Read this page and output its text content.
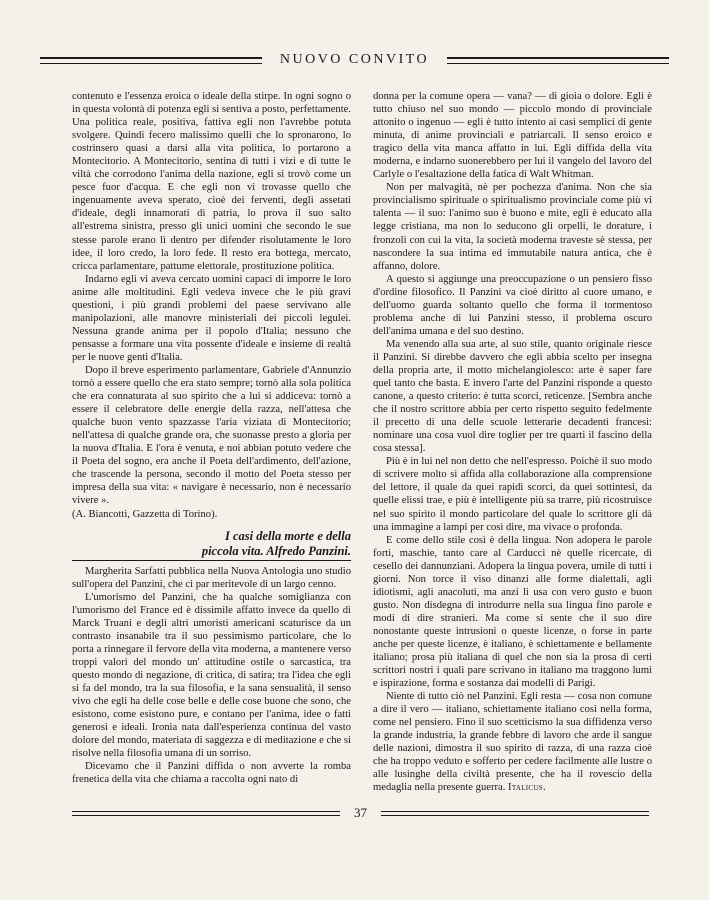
NUOVO CONVITO

contenuto e l'essenza eroica o ideale della stirpe. In ogni sogno o in questa volontà di potenza egli si sentiva a posto, perfettamente. Una politica reale, positiva, fattiva egli non l'avrebbe potuta svolgere. Quindi fecero malissimo quelli che lo spronarono, lo costrinsero quasi a darsi alla vita politica, lo portarono a Montecitorio. A Montecitorio, sentina di tutti i vizi e di tutte le viltà che corrodono l'anima della nazione, egli si trovò come un pesce fuor d'acqua. E che egli non vi trovasse quello che ingenuamente aveva sperato, cioè dei ferventi, degli assetati d'ideale, degli innamorati di patria, lo prova il suo salto all'estrema sinistra, presso gli unici uomini che secondo le sue stesse parole erano lì dentro per difender risolutamente le loro idee, il loro credo, la loro fede. Il resto era bottega, mercato, cricca parlamentare, pattume elettorale, prostituzione politica.

Indarno egli vi aveva cercato uomini capaci di imporre le loro anime alle moltitudini. Egli vedeva invece che le più gravi questioni, i più grandi problemi del paese servivano alle manipolazioni, alle manovre ministeriali dei piccoli leguleì. Nessuna grande anima per il popolo d'Italia; nessuno che pensasse a formare una vita possente d'ideale e insieme di realtà per le nuove genti d'Italia.

Dopo il breve esperimento parlamentare, Gabriele d'Annunzio tornò a essere quello che era stato sempre; tornò alla sola politica che era connaturata al suo spirito che a lui si addiceva: tornò a essere il celebratore delle energie della razza, nell'attesa che qualche buon vento spazzasse l'aria viziata di Montecitorio; nell'attesa di qualche grande ora, che suonasse presto a gloria per la nuova d'Italia. E l'ora è venuta, e noi abbian potuto vedere che il Poeta del sogno, era anche il Poeta dell'ardimento, dell'azione, che trascende la persona, secondo il motto del Poeta stesso per impresa della sua vita: « navigare è necessario, non è necessario vivere ».

(A. Biancotti, Gazzetta di Torino).

I casi della morte e della
piccola vita. Alfredo Panzini.

Margherita Sarfatti pubblica nella Nuova Antologia uno studio sull'opera del Panzini, che ci par meritevole di un largo cenno.

L'umorismo del Panzini, che ha qualche somiglianza con l'umorismo del France ed è dissimile affatto invece da quello di Marck Truani e degli altri umoristi americani scaturisce da un contrasto insanabile tra il suo pessimismo particolare, che lo porta a rinnegare il fervore della vita moderna, a mantenere verso troppi valori del mondo un' attitudine ostile o sarcastica, tra questo mondo di negazione, di critica, di satira; tra l'idea che egli si fa del mondo, tra la sua filosofia, e la sana sensualità, il senso vivo che egli ha delle cose belle e delle cose buone che sono, che esistono, come esistono pure, e contano per l'anima, idee o fatti generosi e ideali. Ironia nata dall'esperienza continua del vasto dolore del mondo, materiata di saggezza e di meditazione e che si risolve nella filosofia umana di un sorriso.

Dicevamo che il Panzini diffida o non avverte la romba frenetica della vita che chiama a raccolta ogni nato di

donna per la comune opera — vana? — di gioia o dolore. Egli è tutto chiuso nel suo mondo — piccolo mondo di provinciale attonito o ingenuo — egli è tutto intento ai casi semplici di gente minuta, di anime provinciali e patriarcali. Il senso eroico e tragico della vita manca affatto in lui. Egli diffida della vita moderna, e indarno suonerebbero per lui il vangelo del lavoro del Carlyle o l'esaltazione della fatica di Walt Whitman.

Non per malvagità, nè per pochezza d'anima. Non che sia provincialismo spirituale o spiritualismo provinciale come più vi talenta — il suo: l'animo suo è buono e mite, egli è educato alla legge cristiana, ma non lo seducono gli orpelli, le dorature, i fronzoli con cui la vita, la società moderna traveste sè stessa, per nascondere la sua intima ed immutabile natura antica, che è affanno, dolore.

A questo si aggiunge una preoccupazione o un pensiero fisso d'ordine filosofico. Il Panzini va cioè diritto al cuore umano, e dell'uomo guarda soltanto quello che forma il tormentoso problema anche di lui Panzini stesso, il problema oscuro dell'anima umana e del suo destino.

Ma venendo alla sua arte, al suo stile, quanto originale riesce il Panzini. Si direbbe davvero che egli abbia scelto per insegna della propria arte, il motto michelangiolesco: arte è saper fare quel tanto che basta. E invero l'arte del Panzini risponde a questo canone, a questo criterio: è tutta scorci, reticenze. [Sembra anche che il nostro scrittore abbia per certo rispetto seguito fedelmente il precetto di una delle scuole letterarie decadenti francesi: nominare una cosa vuol dire toglier per tre quarti il fascino della cosa stessa].

Più è in lui nel non detto che nell'espresso. Poichè il suo modo di scrivere molto si affida alla collaborazione alla comprensione del lettore, il quale da quei rapidi scorci, da quei sottintesi, da quelle elissi trae, e più è intelligente più sa trarre, più ricostruisce nel suo spirito il mondo particolare del quale lo scrittore gli dà una immagine a lampi per così dire, ma vivace o profonda.

E come dello stile così è della lingua. Non adopera le parole forti, maschie, tanto care al Carducci nè quelle ricercate, di cesello dei dannunziani. Adopera la lingua povera, umile di tutti i giorni. Non torce il viso dinanzi alle forme dialettali, agli idiotismi, agli anacoluti, ma anzi li usa con vero gusto e buon gusto. Non disdegna di introdurre nella sua lingua fino parole e modi di dire stranieri. Ma come si sente che il suo dire nonostante queste intrusioni o queste licenze, o forse in parte anche per queste licenze, è italiano, è schiettamente e bellamente italiano; prosa più italiana di quel che non sia la prosa di certi scrittori nostri i quali pare scrivano in italiano ma traggono lumi e ispirazione, forma e sostanza dai modelli di Parigi.

Niente di tutto ciò nel Panzini. Egli resta — cosa non comune a dire il vero — italiano, schiettamente italiano così nella forma, come nel pensiero. Fino il suo scetticismo la sua diffidenza verso la grande industria, la grande febbre di lavoro che arde il sangue delle nazioni, dimostra il suo spirito di razza, di una razza cioè che ha troppo veduto e sofferto per cedere facilmente alle lustre o alle lusinghe della civiltà presente, che ha il rovescio della medaglia nella presente guerra. Italicus.

37
